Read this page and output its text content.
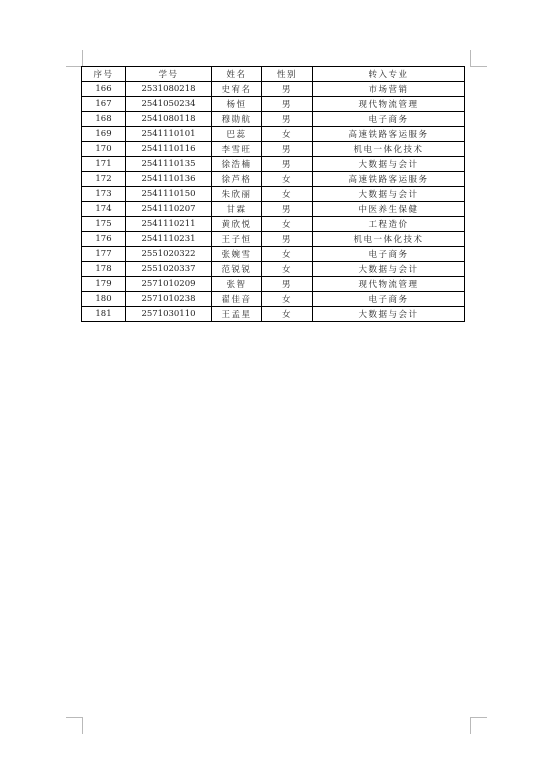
序号	学号	姓名	性别	转入专业
166	2531080218	史宥名	男	市场营销
167	2541050234	杨恒	男	现代物流管理
168	2541080118	穆勋航	男	电子商务
169	2541110101	巴蕊	女	高速铁路客运服务
170	2541110116	李雪旺	男	机电一体化技术
171	2541110135	徐浩楠	男	大数据与会计
172	2541110136	徐芦格	女	高速铁路客运服务
173	2541110150	朱欣丽	女	大数据与会计
174	2541110207	甘霖	男	中医养生保健
175	2541110211	黄欣悦	女	工程造价
176	2541110231	王子恒	男	机电一体化技术
177	2551020322	张婉雪	女	电子商务
178	2551020337	范锐锐	女	大数据与会计
179	2571010209	张智	男	现代物流管理
180	2571010238	翟佳音	女	电子商务
181	2571030110	王孟星	女	大数据与会计
